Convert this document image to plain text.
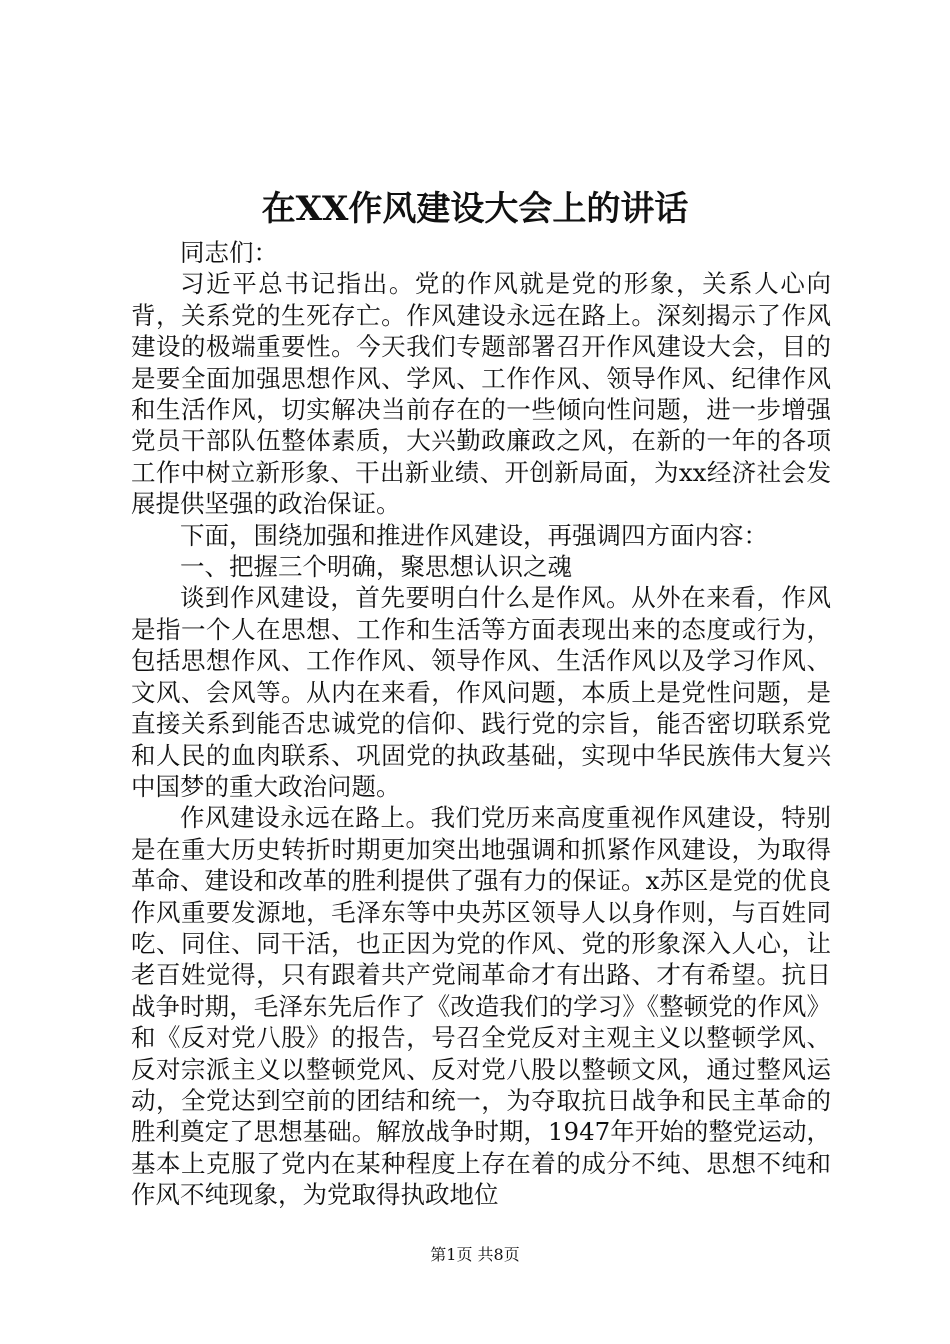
在XX作风建设大会上的讲话

同志们：

习近平总书记指出。党的作风就是党的形象，关系人心向背，关系党的生死存亡。作风建设永远在路上。深刻揭示了作风建设的极端重要性。今天我们专题部署召开作风建设大会，目的是要全面加强思想作风、学风、工作作风、领导作风、纪律作风和生活作风，切实解决当前存在的一些倾向性问题，进一步增强党员干部队伍整体素质，大兴勤政廉政之风，在新的一年的各项工作中树立新形象、干出新业绩、开创新局面，为xx经济社会发展提供坚强的政治保证。

下面，围绕加强和推进作风建设，再强调四方面内容：

一、把握三个明确，聚思想认识之魂

谈到作风建设，首先要明白什么是作风。从外在来看，作风是指一个人在思想、工作和生活等方面表现出来的态度或行为，包括思想作风、工作作风、领导作风、生活作风以及学习作风、文风、会风等。从内在来看，作风问题，本质上是党性问题，是直接关系到能否忠诚党的信仰、践行党的宗旨，能否密切联系党和人民的血肉联系、巩固党的执政基础，实现中华民族伟大复兴中国梦的重大政治问题。

作风建设永远在路上。我们党历来高度重视作风建设，特别是在重大历史转折时期更加突出地强调和抓紧作风建设，为取得革命、建设和改革的胜利提供了强有力的保证。x苏区是党的优良作风重要发源地，毛泽东等中央苏区领导人以身作则，与百姓同吃、同住、同干活，也正因为党的作风、党的形象深入人心，让老百姓觉得，只有跟着共产党闹革命才有出路、才有希望。抗日战争时期，毛泽东先后作了《改造我们的学习》《整顿党的作风》和《反对党八股》的报告，号召全党反对主观主义以整顿学风、反对宗派主义以整顿党风、反对党八股以整顿文风，通过整风运动，全党达到空前的团结和统一，为夺取抗日战争和民主革命的胜利奠定了思想基础。解放战争时期，1947年开始的整党运动，基本上克服了党内在某种程度上存在着的成分不纯、思想不纯和作风不纯现象，为党取得执政地位

第1页 共8页
